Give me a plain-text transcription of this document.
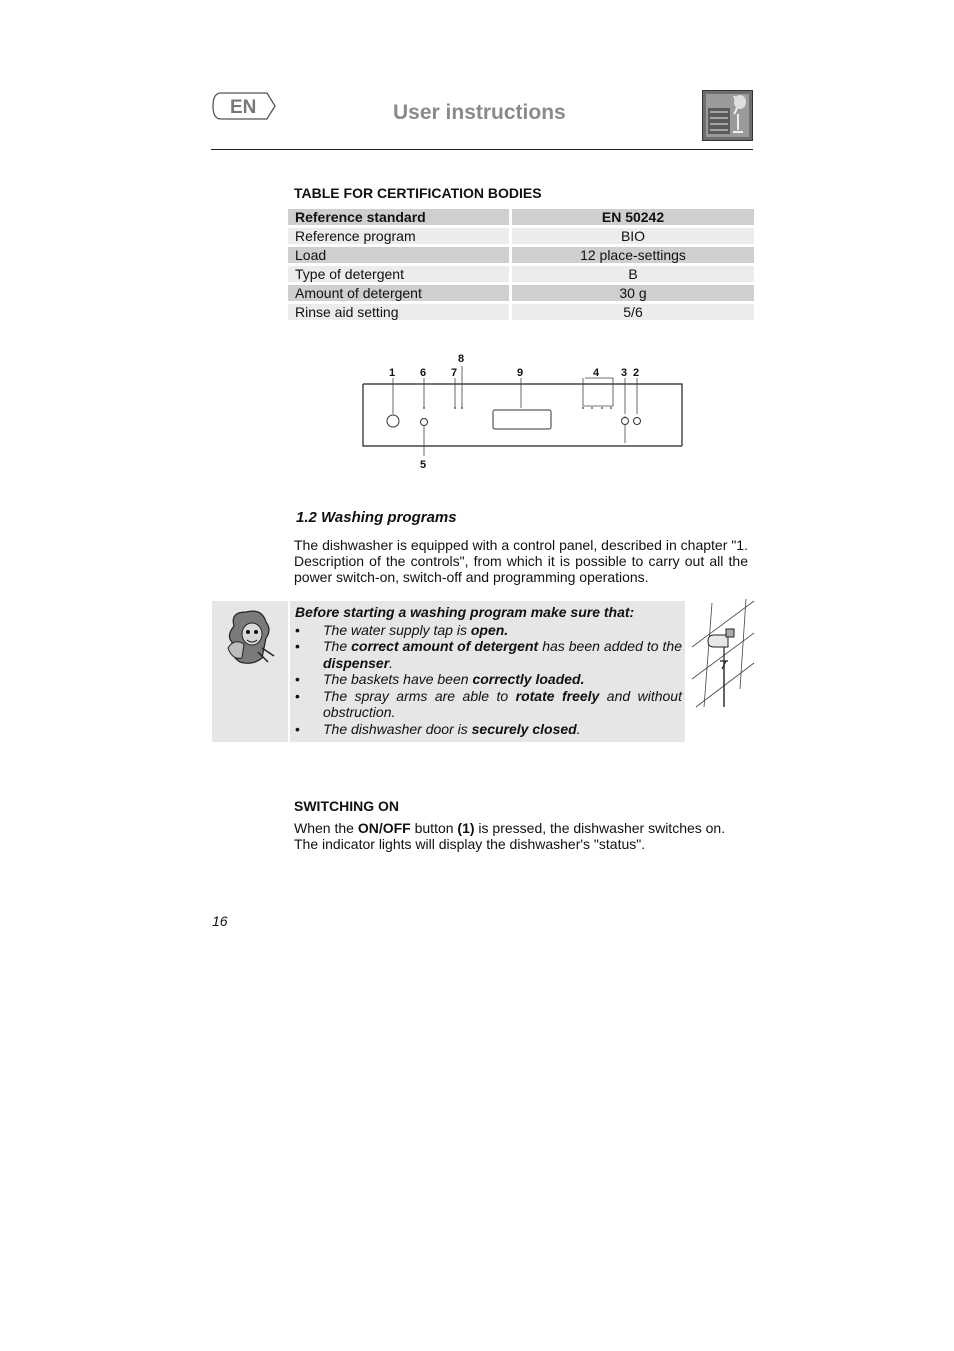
EN	User instructions
TABLE FOR CERTIFICATION BODIES
Reference standard	EN 50242
Reference program	BIO
Load	12 place-settings
Type of detergent	B
Amount of detergent	30 g
Rinse aid setting	5/6
1 6
8
7	9	4 3 2
5
1.2 Washing programs
The dishwasher is equipped with a control panel, described in chapter "1. Description of the controls", from which it is possible to carry out all the power switch-on, switch-off and programming operations.
Before starting a washing program make sure that:
• The water supply tap is open.
• The correct amount of detergent has been added to the dispenser.
• The baskets have been correctly loaded.
• The spray arms are able to rotate freely and without obstruction.
• The dishwasher door is securely closed.
SWITCHING ON
When the ON/OFF button (1) is pressed, the dishwasher switches on.
The indicator lights will display the dishwasher's "status".
16
